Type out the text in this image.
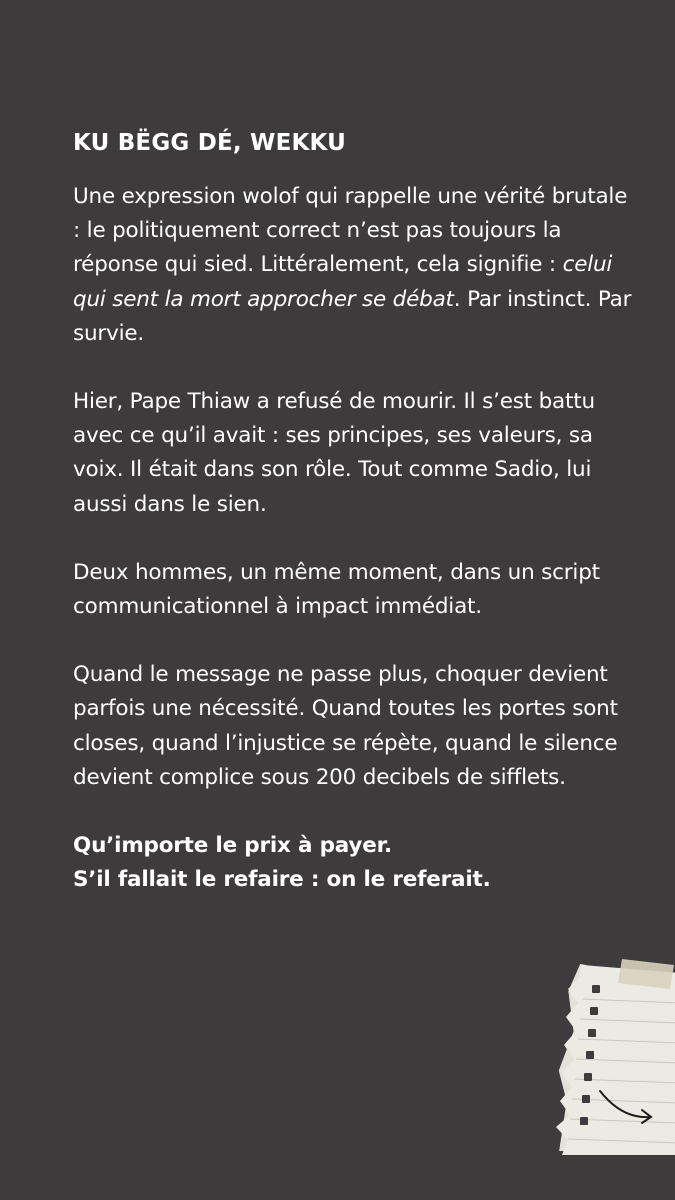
KU BËGG DÉ, WEKKU

Une expression wolof qui rappelle une vérité brutale : le politiquement correct n’est pas toujours la réponse qui sied. Littéralement, cela signifie : celui qui sent la mort approcher se débat. Par instinct. Par survie.

Hier, Pape Thiaw a refusé de mourir. Il s’est battu avec ce qu’il avait : ses principes, ses valeurs, sa voix. Il était dans son rôle. Tout comme Sadio, lui aussi dans le sien.

Deux hommes, un même moment, dans un script communicationnel à impact immédiat.

Quand le message ne passe plus, choquer devient parfois une nécessité. Quand toutes les portes sont closes, quand l’injustice se répète, quand le silence devient complice sous 200 decibels de sifflets.

Qu’importe le prix à payer.
S’il fallait le refaire : on le referait.
